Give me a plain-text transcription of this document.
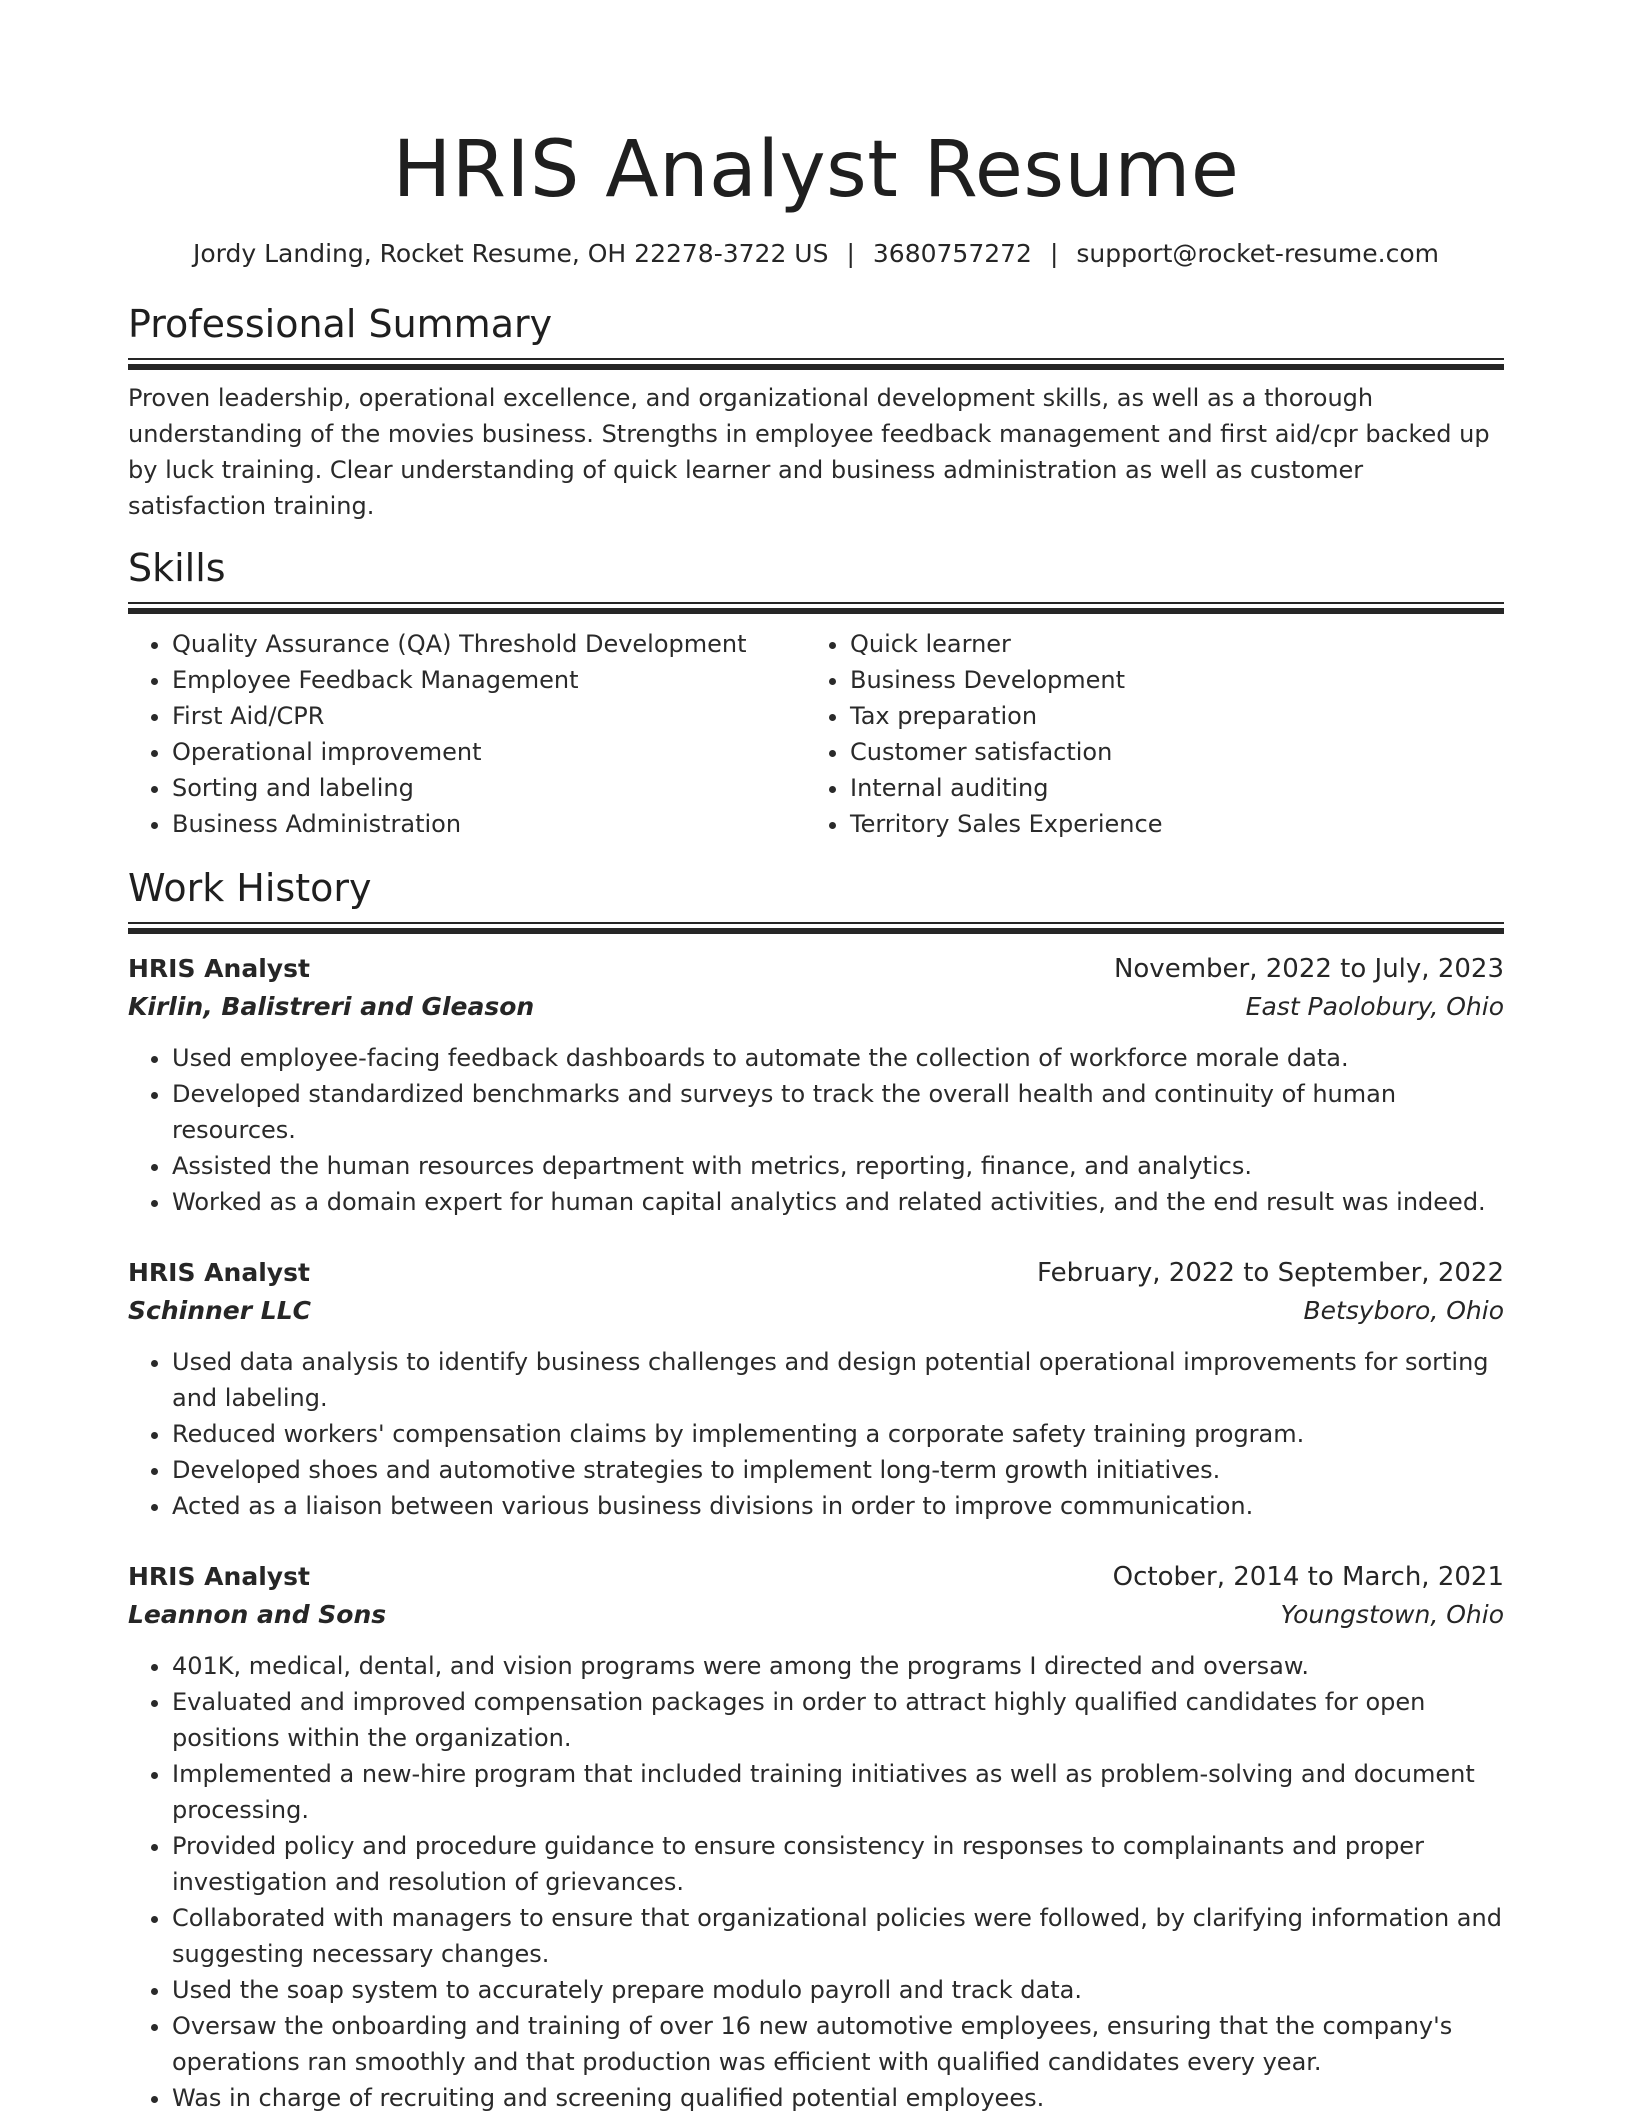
HRIS Analyst Resume
Jordy Landing, Rocket Resume, OH 22278-3722 US | 3680757272 | support@rocket-resume.com
Professional Summary

Proven leadership, operational excellence, and organizational development skills, as well as a thorough understanding of the movies business. Strengths in employee feedback management and first aid/cpr backed up by luck training. Clear understanding of quick learner and business administration as well as customer satisfaction training.

Skills
• Quality Assurance (QA) Threshold Development
• Employee Feedback Management
• First Aid/CPR
• Operational improvement
• Sorting and labeling
• Business Administration
• Quick learner
• Business Development
• Tax preparation
• Customer satisfaction
• Internal auditing
• Territory Sales Experience
Work History
HRIS Analyst	November, 2022 to July, 2023
Kirlin, Balistreri and Gleason	East Paolobury, Ohio
• Used employee-facing feedback dashboards to automate the collection of workforce morale data.
• Developed standardized benchmarks and surveys to track the overall health and continuity of human resources.
• Assisted the human resources department with metrics, reporting, finance, and analytics.
• Worked as a domain expert for human capital analytics and related activities, and the end result was indeed.
HRIS Analyst	February, 2022 to September, 2022
Schinner LLC	Betsyboro, Ohio
• Used data analysis to identify business challenges and design potential operational improvements for sorting and labeling.
• Reduced workers' compensation claims by implementing a corporate safety training program.
• Developed shoes and automotive strategies to implement long-term growth initiatives.
• Acted as a liaison between various business divisions in order to improve communication.
HRIS Analyst	October, 2014 to March, 2021
Leannon and Sons	Youngstown, Ohio
• 401K, medical, dental, and vision programs were among the programs I directed and oversaw.
• Evaluated and improved compensation packages in order to attract highly qualified candidates for open positions within the organization.
• Implemented a new-hire program that included training initiatives as well as problem-solving and document processing.
• Provided policy and procedure guidance to ensure consistency in responses to complainants and proper investigation and resolution of grievances.
• Collaborated with managers to ensure that organizational policies were followed, by clarifying information and suggesting necessary changes.
• Used the soap system to accurately prepare modulo payroll and track data.
• Oversaw the onboarding and training of over 16 new automotive employees, ensuring that the company's operations ran smoothly and that production was efficient with qualified candidates every year.
• Was in charge of recruiting and screening qualified potential employees.
